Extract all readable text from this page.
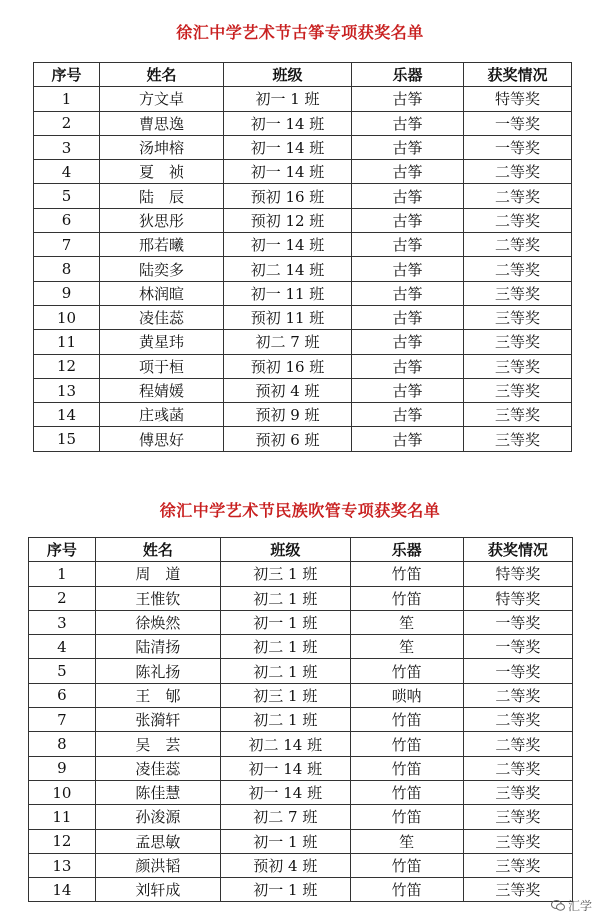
徐汇中学艺术节古筝专项获奖名单
序号	姓名	班级	乐器	获奖情况
1	方文卓	初一 1 班	古筝	特等奖
2	曹思逸	初一 14 班	古筝	一等奖
3	汤坤榕	初一 14 班	古筝	一等奖
4	夏　祯	初一 14 班	古筝	二等奖
5	陆　辰	预初 16 班	古筝	二等奖
6	狄思彤	预初 12 班	古筝	二等奖
7	邢若曦	初一 14 班	古筝	二等奖
8	陆奕多	初二 14 班	古筝	二等奖
9	林润暄	初一 11 班	古筝	三等奖
10	凌佳蕊	预初 11 班	古筝	三等奖
11	黄星玮	初二 7 班	古筝	三等奖
12	项于桓	预初 16 班	古筝	三等奖
13	程婧媛	预初 4 班	古筝	三等奖
14	庄彧菡	预初 9 班	古筝	三等奖
15	傅思好	预初 6 班	古筝	三等奖
徐汇中学艺术节民族吹管专项获奖名单
序号	姓名	班级	乐器	获奖情况
1	周　道	初三 1 班	竹笛	特等奖
2	王惟钦	初二 1 班	竹笛	特等奖
3	徐焕然	初一 1 班	笙	一等奖
4	陆清扬	初二 1 班	笙	一等奖
5	陈礼扬	初二 1 班	竹笛	一等奖
6	王　郇	初三 1 班	唢呐	二等奖
7	张漪轩	初二 1 班	竹笛	二等奖
8	吴　芸	初二 14 班	竹笛	二等奖
9	凌佳蕊	初一 14 班	竹笛	二等奖
10	陈佳慧	初一 14 班	竹笛	三等奖
11	孙浚源	初二 7 班	竹笛	三等奖
12	孟思敏	初一 1 班	笙	三等奖
13	颜洪韬	预初 4 班	竹笛	三等奖
14	刘轩成	初一 1 班	竹笛	三等奖
汇学
